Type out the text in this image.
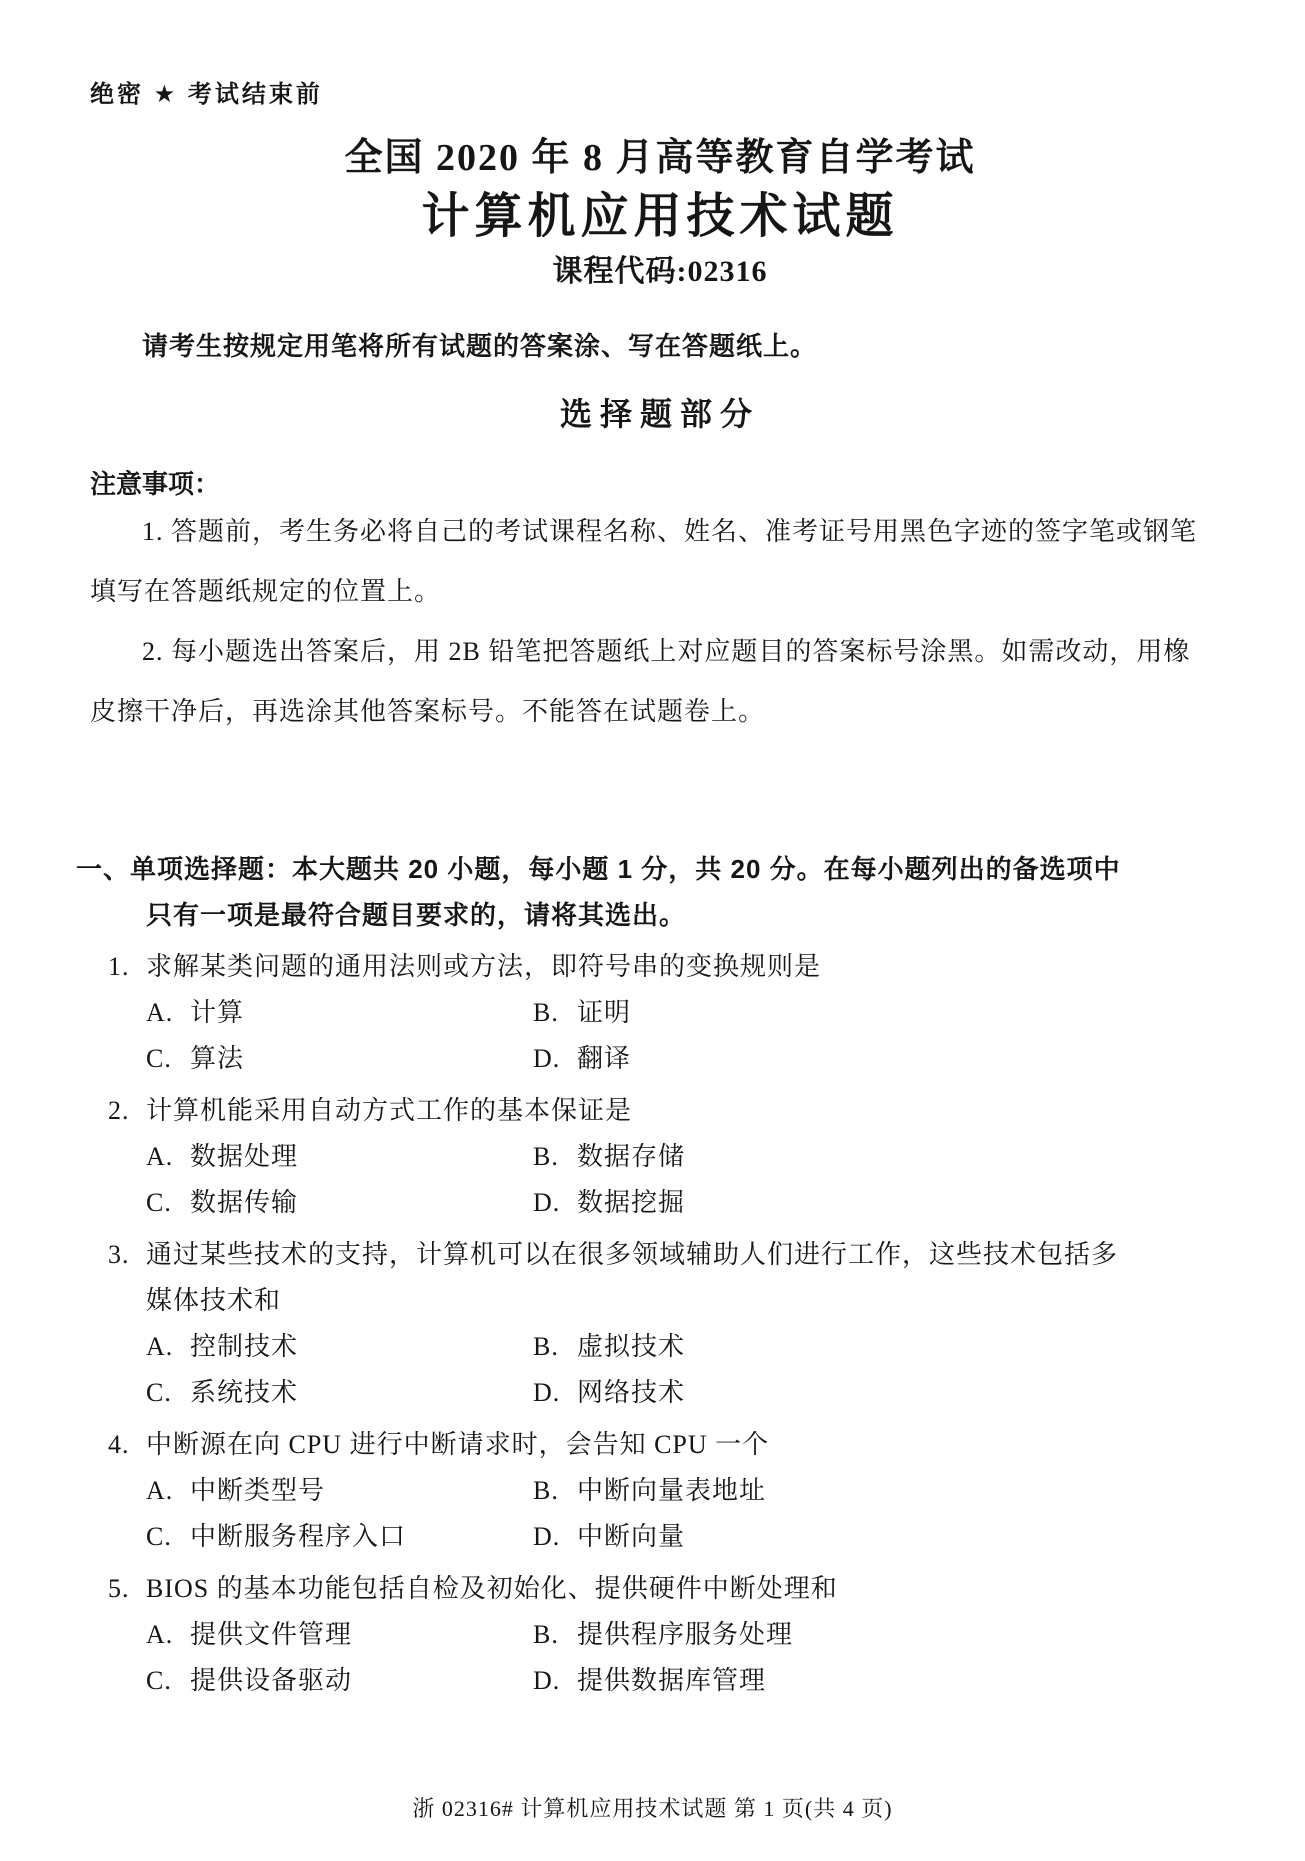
绝密 ★ 考试结束前
全国 2020 年 8 月高等教育自学考试
计算机应用技术试题
课程代码:02316
请考生按规定用笔将所有试题的答案涂、写在答题纸上。
选择题部分
注意事项：
1. 答题前，考生务必将自己的考试课程名称、姓名、准考证号用黑色字迹的签字笔或钢笔
填写在答题纸规定的位置上。
2. 每小题选出答案后，用 2B 铅笔把答题纸上对应题目的答案标号涂黑。如需改动，用橡
皮擦干净后，再选涂其他答案标号。不能答在试题卷上。
一、单项选择题：本大题共 20 小题，每小题 1 分，共 20 分。在每小题列出的备选项中
只有一项是最符合题目要求的，请将其选出。
1. 求解某类问题的通用法则或方法，即符号串的变换规则是
A. 计算	B. 证明
C. 算法	D. 翻译
2. 计算机能采用自动方式工作的基本保证是
A. 数据处理	B. 数据存储
C. 数据传输	D. 数据挖掘
3. 通过某些技术的支持，计算机可以在很多领域辅助人们进行工作，这些技术包括多
媒体技术和
A. 控制技术	B. 虚拟技术
C. 系统技术	D. 网络技术
4. 中断源在向 CPU 进行中断请求时，会告知 CPU 一个
A. 中断类型号	B. 中断向量表地址
C. 中断服务程序入口	D. 中断向量
5. BIOS 的基本功能包括自检及初始化、提供硬件中断处理和
A. 提供文件管理	B. 提供程序服务处理
C. 提供设备驱动	D. 提供数据库管理
浙 02316# 计算机应用技术试题 第 1 页(共 4 页)
